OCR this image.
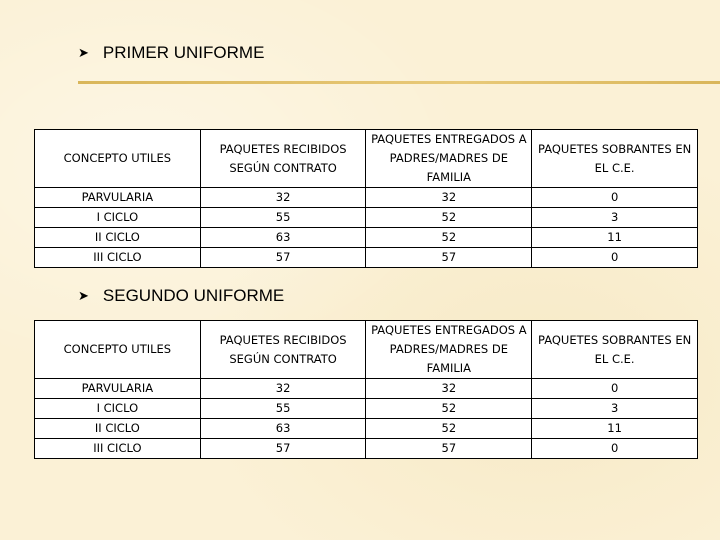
➤ PRIMER UNIFORME
CONCEPTO UTILES	PAQUETES RECIBIDOS SEGÚN CONTRATO	PAQUETES ENTREGADOS A PADRES/MADRES DE FAMILIA	PAQUETES SOBRANTES EN EL C.E.
PARVULARIA	32	32	0
I CICLO	55	52	3
II CICLO	63	52	11
III CICLO	57	57	0
➤ SEGUNDO UNIFORME
CONCEPTO UTILES	PAQUETES RECIBIDOS SEGÚN CONTRATO	PAQUETES ENTREGADOS A PADRES/MADRES DE FAMILIA	PAQUETES SOBRANTES EN EL C.E.
PARVULARIA	32	32	0
I CICLO	55	52	3
II CICLO	63	52	11
III CICLO	57	57	0
